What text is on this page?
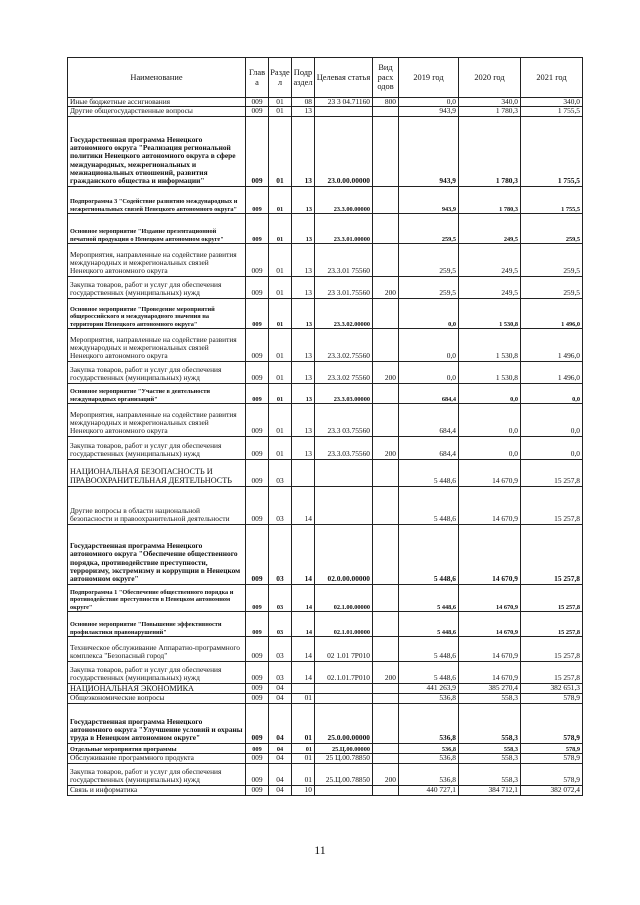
Наименование	Глав а	Разде л	Подр аздел	Целевая статья	Вид расх одов	2019 год	2020 год	2021 год
Иные бюджетные ассигнования	009	01	08	23 3 04.71160	800	0,0	340,0	340,0
Другие общегосударственные вопросы	009	01	13			943,9	1 780,3	1 755,5
Государственная программа Ненецкого автономного округа "Реализация региональной политики Ненецкого автономного округа в сфере международных, межрегиональных и межнациональных отношений, развития гражданского общества и информации"	009	01	13	23.0.00.00000		943,9	1 780,3	1 755,5
Подпрограмма 3 "Содействие развитию международных и межрегиональных связей Ненецкого автономного округа"	009	01	13	23.3.00.00000		943,9	1 780,3	1 755,5
Основное мероприятие "Издание презентационной печатной продукции о Ненецком автономном округе"	009	01	13	23.3.01.00000		259,5	249,5	259,5
Мероприятия, направленные на содействие развития международных и межрегиональных связей Ненецкого автономного округа	009	01	13	23.3.01 75560		259,5	249,5	259,5
Закупка товаров, работ и услуг для обеспечения государственных (муниципальных) нужд	009	01	13	23 3.01.75560	200	259,5	249,5	259,5
Основное мероприятие "Проведение мероприятий общероссийского и международного значения на территории Ненецкого автономного округа"	009	01	13	23.3.02.00000		0,0	1 530,8	1 496,0
Мероприятия, направленные на содействие развития международных и межрегиональных связей Ненецкого автономного округа	009	01	13	23.3.02.75560		0,0	1 530,8	1 496,0
Закупка товаров, работ и услуг для обеспечения государственных (муниципальных) нужд	009	01	13	23.3.02 75560	200	0,0	1 530,8	1 496,0
Основное мероприятие "Участие в деятельности международных организаций"	009	01	13	23.3.03.00000		684,4	0,0	0,0
Мероприятия, направленные на содействие развития международных и межрегиональных связей Ненецкого автономного округа	009	01	13	23.3 03.75560		684,4	0,0	0,0
Закупка товаров, работ и услуг для обеспечения государственных (муниципальных) нужд	009	01	13	23.3.03.75560	200	684,4	0,0	0,0
НАЦИОНАЛЬНАЯ БЕЗОПАСНОСТЬ И ПРАВООХРАНИТЕЛЬНАЯ ДЕЯТЕЛЬНОСТЬ	009	03				5 448,6	14 670,9	15 257,8
Другие вопросы в области национальной безопасности и правоохранительной деятельности	009	03	14			5 448,6	14 670,9	15 257,8
Государственная программа Ненецкого автономного округа "Обеспечение общественного порядка, противодействие преступности, терроризму, экстремизму и коррупции в Ненецком автономном округе"	009	03	14	02.0.00.00000		5 448,6	14 670,9	15 257,8
Подпрограмма 1 "Обеспечение общественного порядка и противодействие преступности в Ненецком автономном округе"	009	03	14	02.1.00.00000		5 448,6	14 670,9	15 257,8
Основное мероприятие "Повышение эффективности профилактики правонарушений"	009	03	14	02.1.01.00000		5 448,6	14 670,9	15 257,8
Техническое обслуживание Аппаратно-программного комплекса "Безопасный город"	009	03	14	02 1.01 7Р010		5 448,6	14 670,9	15 257,8
Закупка товаров, работ и услуг для обеспечения государственных (муниципальных) нужд	009	03	14	02.1.01.7Р010	200	5 448,6	14 670,9	15 257,8
НАЦИОНАЛЬНАЯ ЭКОНОМИКА	009	04				441 263,9	385 270,4	382 651,3
Общеэкономические вопросы	009	04	01			536,8	558,3	578,9
Государственная программа Ненецкого автономного округа "Улучшение условий и охраны труда в Ненецком автономном округе"	009	04	01	25.0.00.00000		536,8	558,3	578,9
Отдельные мероприятия программы	009	04	01	25.Ц.00.00000		536,8	558,3	578,9
Обслуживание программного продукта	009	04	01	25 Ц.00.78850		536,8	558,3	578,9
Закупка товаров, работ и услуг для обеспечения государственных (муниципальных) нужд	009	04	01	25.Ц.00.78850	200	536,8	558,3	578,9
Связь и информатика	009	04	10			440 727,1	384 712,1	382 072,4
11
